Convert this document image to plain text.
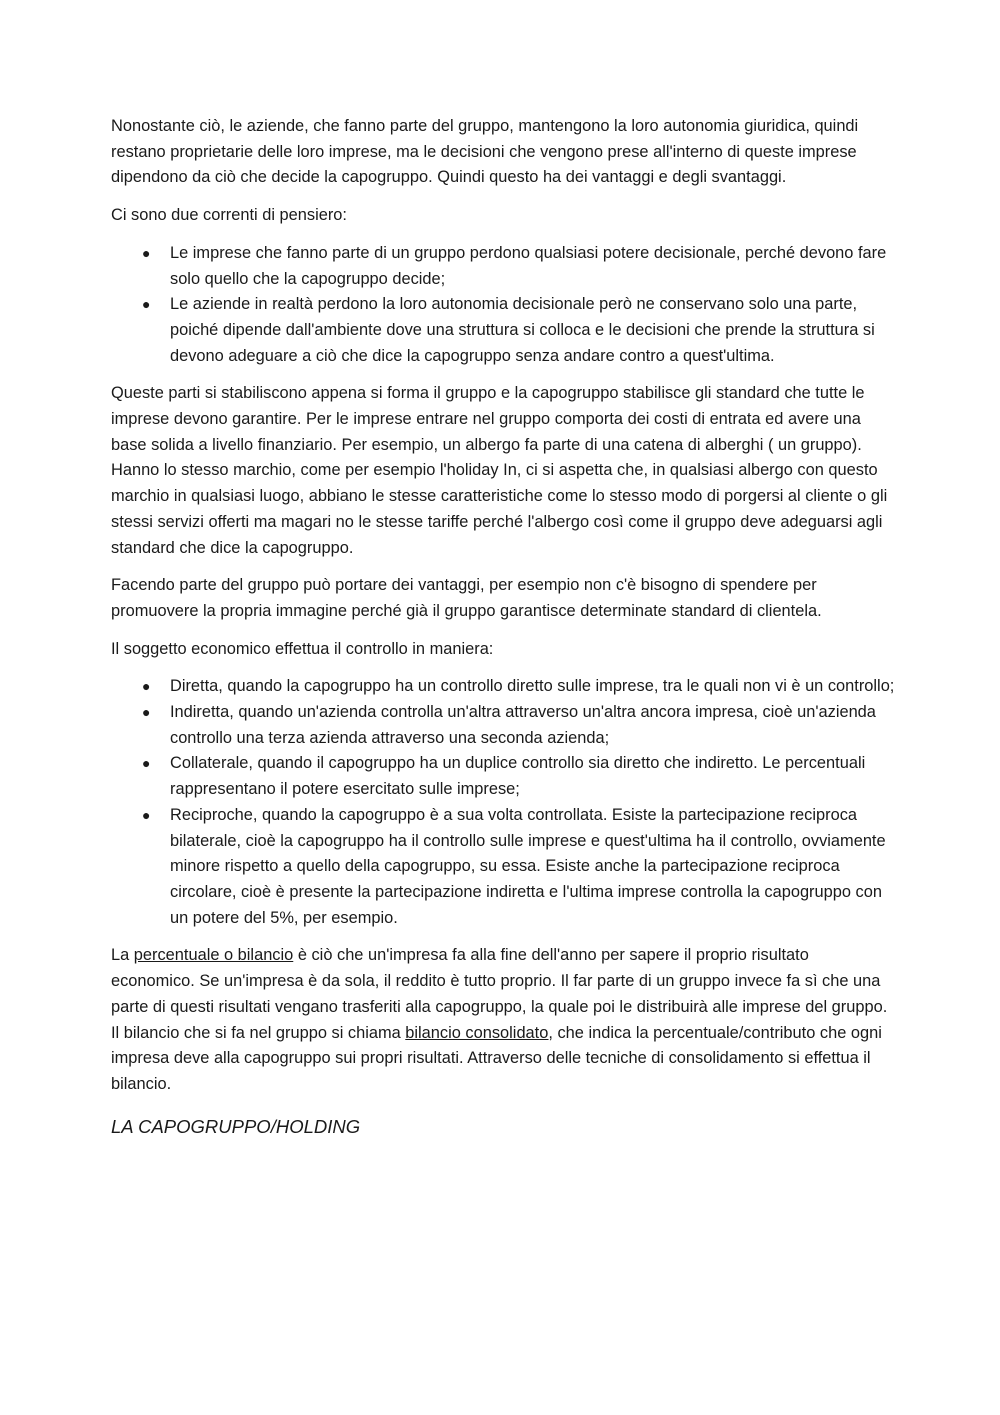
Nonostante ciò, le aziende, che fanno parte del gruppo, mantengono la loro autonomia giuridica, quindi restano proprietarie delle loro imprese, ma le decisioni che vengono prese all'interno di queste imprese dipendono da ciò che decide la capogruppo. Quindi questo ha dei vantaggi e degli svantaggi.

Ci sono due correnti di pensiero:

● Le imprese che fanno parte di un gruppo perdono qualsiasi potere decisionale, perché devono fare solo quello che la capogruppo decide;
● Le aziende in realtà perdono la loro autonomia decisionale però ne conservano solo una parte, poiché dipende dall'ambiente dove una struttura si colloca e le decisioni che prende la struttura si devono adeguare a ciò che dice la capogruppo senza andare contro a quest'ultima.

Queste parti si stabiliscono appena si forma il gruppo e la capogruppo stabilisce gli standard che tutte le imprese devono garantire. Per le imprese entrare nel gruppo comporta dei costi di entrata ed avere una base solida a livello finanziario. Per esempio, un albergo fa parte di una catena di alberghi ( un gruppo). Hanno lo stesso marchio, come per esempio l'holiday In, ci si aspetta che, in qualsiasi albergo con questo marchio in qualsiasi luogo, abbiano le stesse caratteristiche come lo stesso modo di porgersi al cliente o gli stessi servizi offerti ma magari no le stesse tariffe perché l'albergo così come il gruppo deve adeguarsi agli standard che dice la capogruppo.

Facendo parte del gruppo può portare dei vantaggi, per esempio non c'è bisogno di spendere per promuovere la propria immagine perché già il gruppo garantisce determinate standard di clientela.

Il soggetto economico effettua il controllo in maniera:

● Diretta, quando la capogruppo ha un controllo diretto sulle imprese, tra le quali non vi è un controllo;
● Indiretta, quando un'azienda controlla un'altra attraverso un'altra ancora impresa, cioè un'azienda controllo una terza azienda attraverso una seconda azienda;
● Collaterale, quando il capogruppo ha un duplice controllo sia diretto che indiretto. Le percentuali rappresentano il potere esercitato sulle imprese;
● Reciproche, quando la capogruppo è a sua volta controllata. Esiste la partecipazione reciproca bilaterale, cioè la capogruppo ha il controllo sulle imprese e quest'ultima ha il controllo, ovviamente minore rispetto a quello della capogruppo, su essa. Esiste anche la partecipazione reciproca circolare, cioè è presente la partecipazione indiretta e l'ultima imprese controlla la capogruppo con un potere del 5%, per esempio.

La percentuale o bilancio è ciò che un'impresa fa alla fine dell'anno per sapere il proprio risultato economico. Se un'impresa è da sola, il reddito è tutto proprio. Il far parte di un gruppo invece fa sì che una parte di questi risultati vengano trasferiti alla capogruppo, la quale poi le distribuirà alle imprese del gruppo. Il bilancio che si fa nel gruppo si chiama bilancio consolidato, che indica la percentuale/contributo che ogni impresa deve alla capogruppo sui propri risultati. Attraverso delle tecniche di consolidamento si effettua il bilancio.

LA CAPOGRUPPO/HOLDING
